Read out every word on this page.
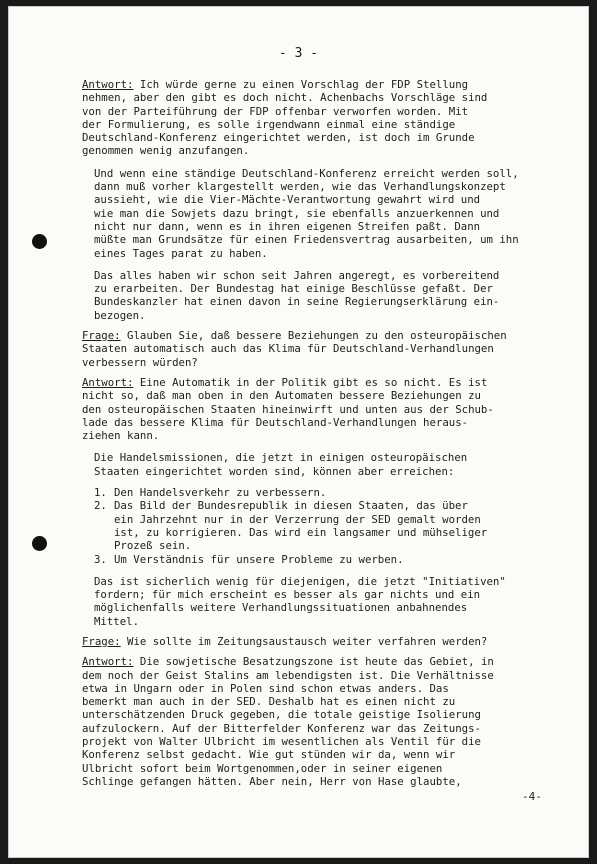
- 3 -

Antwort: Ich würde gerne zu einen Vorschlag der FDP Stellung

nehmen, aber den gibt es doch nicht. Achenbachs Vorschläge sind

von der Parteiführung der FDP offenbar verworfen worden. Mit

der Formulierung, es solle irgendwann einmal eine ständige

Deutschland-Konferenz eingerichtet werden, ist doch im Grunde

genommen wenig anzufangen.

Und wenn eine ständige Deutschland-Konferenz erreicht werden soll,

dann muß vorher klargestellt werden, wie das Verhandlungskonzept

aussieht, wie die Vier-Mächte-Verantwortung gewahrt wird und

wie man die Sowjets dazu bringt, sie ebenfalls anzuerkennen und

nicht nur dann, wenn es in ihren eigenen Streifen paßt. Dann

müßte man Grundsätze für einen Friedensvertrag ausarbeiten, um ihn

eines Tages parat zu haben.

Das alles haben wir schon seit Jahren angeregt, es vorbereitend

zu erarbeiten. Der Bundestag hat einige Beschlüsse gefaßt. Der

Bundeskanzler hat einen davon in seine Regierungserklärung ein-

bezogen.

Frage: Glauben Sie, daß bessere Beziehungen zu den osteuropäischen

Staaten automatisch auch das Klima für Deutschland-Verhandlungen

verbessern würden?

Antwort: Eine Automatik in der Politik gibt es so nicht. Es ist

nicht so, daß man oben in den Automaten bessere Beziehungen zu

den osteuropäischen Staaten hineinwirft und unten aus der Schub-

lade das bessere Klima für Deutschland-Verhandlungen heraus-

ziehen kann.

Die Handelsmissionen, die jetzt in einigen osteuropäischen

Staaten eingerichtet worden sind, können aber erreichen:

1. Den Handelsverkehr zu verbessern.

2. Das Bild der Bundesrepublik in diesen Staaten, das über

ein Jahrzehnt nur in der Verzerrung der SED gemalt worden

ist, zu korrigieren. Das wird ein langsamer und mühseliger

Prozeß sein.

3. Um Verständnis für unsere Probleme zu werben.

Das ist sicherlich wenig für diejenigen, die jetzt "Initiativen"

fordern; für mich erscheint es besser als gar nichts und ein

möglichenfalls weitere Verhandlungssituationen anbahnendes

Mittel.

Frage: Wie sollte im Zeitungsaustausch weiter verfahren werden?

Antwort: Die sowjetische Besatzungszone ist heute das Gebiet, in

dem noch der Geist Stalins am lebendigsten ist. Die Verhältnisse

etwa in Ungarn oder in Polen sind schon etwas anders. Das

bemerkt man auch in der SED. Deshalb hat es einen nicht zu

unterschätzenden Druck gegeben, die totale geistige Isolierung

aufzulockern. Auf der Bitterfelder Konferenz war das Zeitungs-

projekt von Walter Ulbricht im wesentlichen als Ventil für die

Konferenz selbst gedacht. Wie gut stünden wir da, wenn wir

Ulbricht sofort beim Wortgenommen,oder in seiner eigenen

Schlinge gefangen hätten. Aber nein, Herr von Hase glaubte,

-4-
